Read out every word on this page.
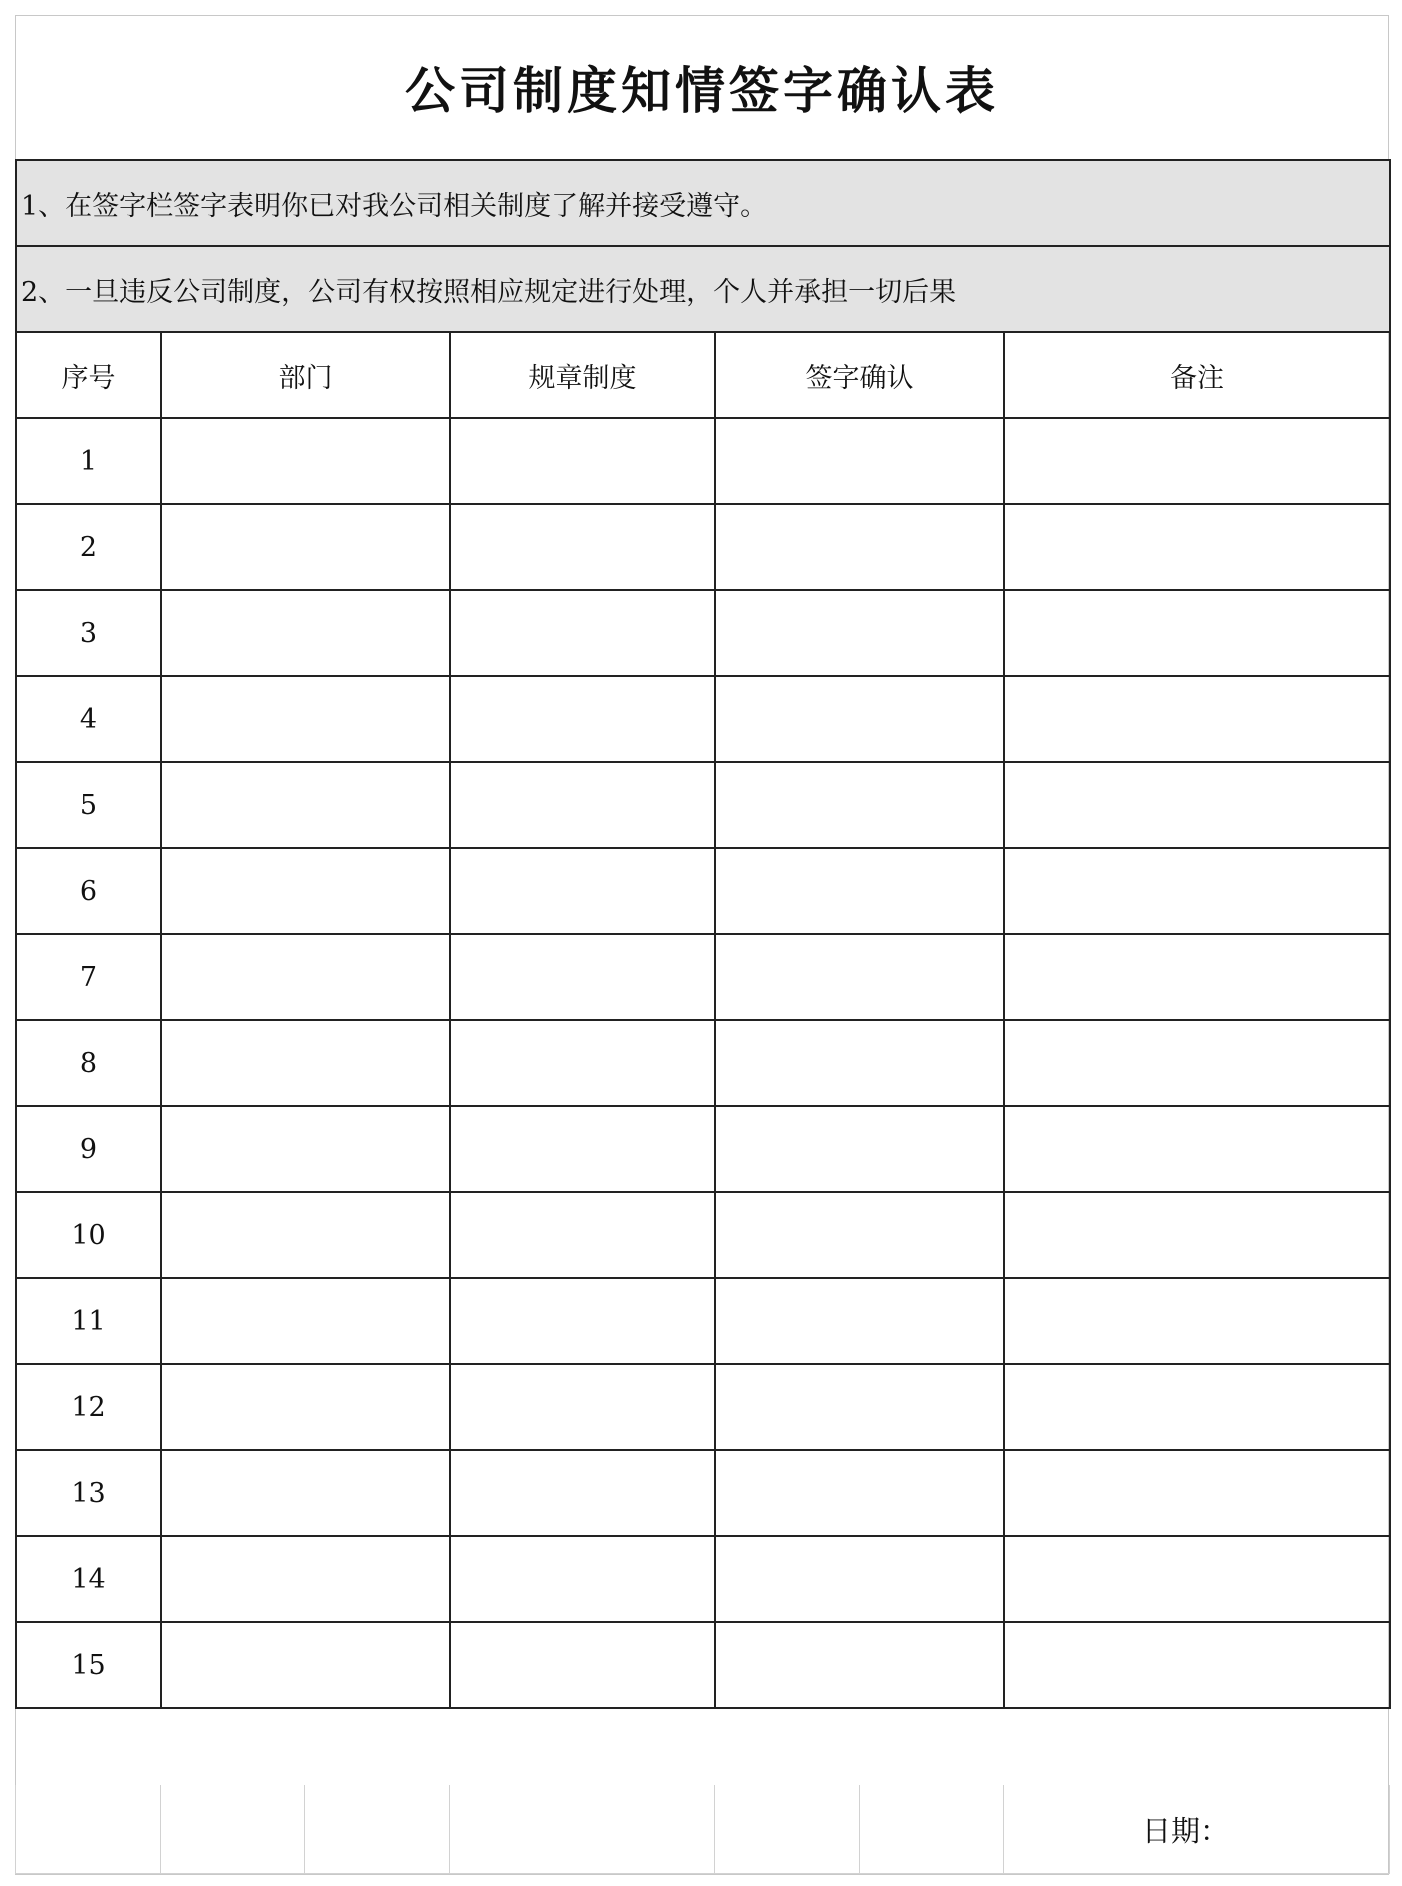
公司制度知情签字确认表
1、在签字栏签字表明你已对我公司相关制度了解并接受遵守。				
2、一旦违反公司制度，公司有权按照相应规定进行处理，个人并承担一切后果				
序号	部门	规章制度	签字确认	备注
1				
2				
3				
4				
5				
6				
7				
8				
9				
10				
11				
12				
13				
14				
15				
						日期：
